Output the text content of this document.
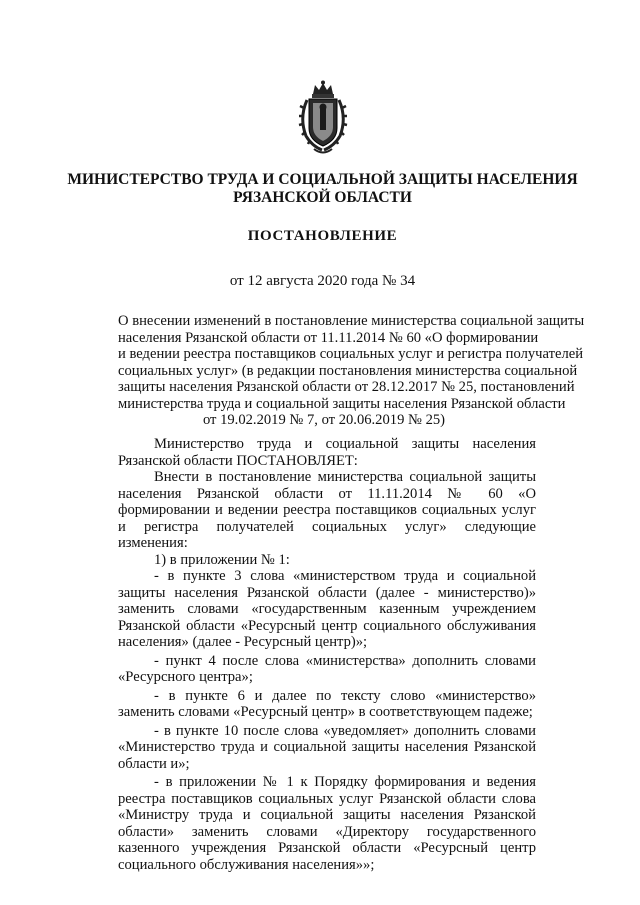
МИНИСТЕРСТВО ТРУДА И СОЦИАЛЬНОЙ ЗАЩИТЫ НАСЕЛЕНИЯ
РЯЗАНСКОЙ ОБЛАСТИ
ПОСТАНОВЛЕНИЕ
от 12 августа 2020 года № 34
О внесении изменений в постановление министерства социальной защиты
населения Рязанской области от 11.11.2014 № 60 «О формировании
и ведении реестра поставщиков социальных услуг и регистра получателей
социальных услуг» (в редакции постановления министерства социальной
защиты населения Рязанской области от 28.12.2017 № 25, постановлений
министерства труда и социальной защиты населения Рязанской области
от 19.02.2019 № 7, от 20.06.2019 № 25)

Министерство труда и социальной защиты населения Рязанской области ПОСТАНОВЛЯЕТ:

Внести в постановление министерства социальной защиты населения Рязанской области от 11.11.2014 № 60 «О формировании и ведении реестра поставщиков социальных услуг и регистра получателей социальных услуг» следующие изменения:

1) в приложении № 1:

- в пункте 3 слова «министерством труда и социальной защиты населения Рязанской области (далее - министерство)» заменить словами «государственным казенным учреждением Рязанской области «Ресурсный центр социального обслуживания населения» (далее - Ресурсный центр)»;

- пункт 4 после слова «министерства» дополнить словами «Ресурсного центра»;

- в пункте 6 и далее по тексту слово «министерство» заменить словами «Ресурсный центр» в соответствующем падеже;

- в пункте 10 после слова «уведомляет» дополнить словами «Министерство труда и социальной защиты населения Рязанской области и»;

- в приложении № 1 к Порядку формирования и ведения реестра поставщиков социальных услуг Рязанской области слова «Министру труда и социальной защиты населения Рязанской области» заменить словами «Директору государственного казенного учреждения Рязанской области «Ресурсный центр социального обслуживания населения»»;
